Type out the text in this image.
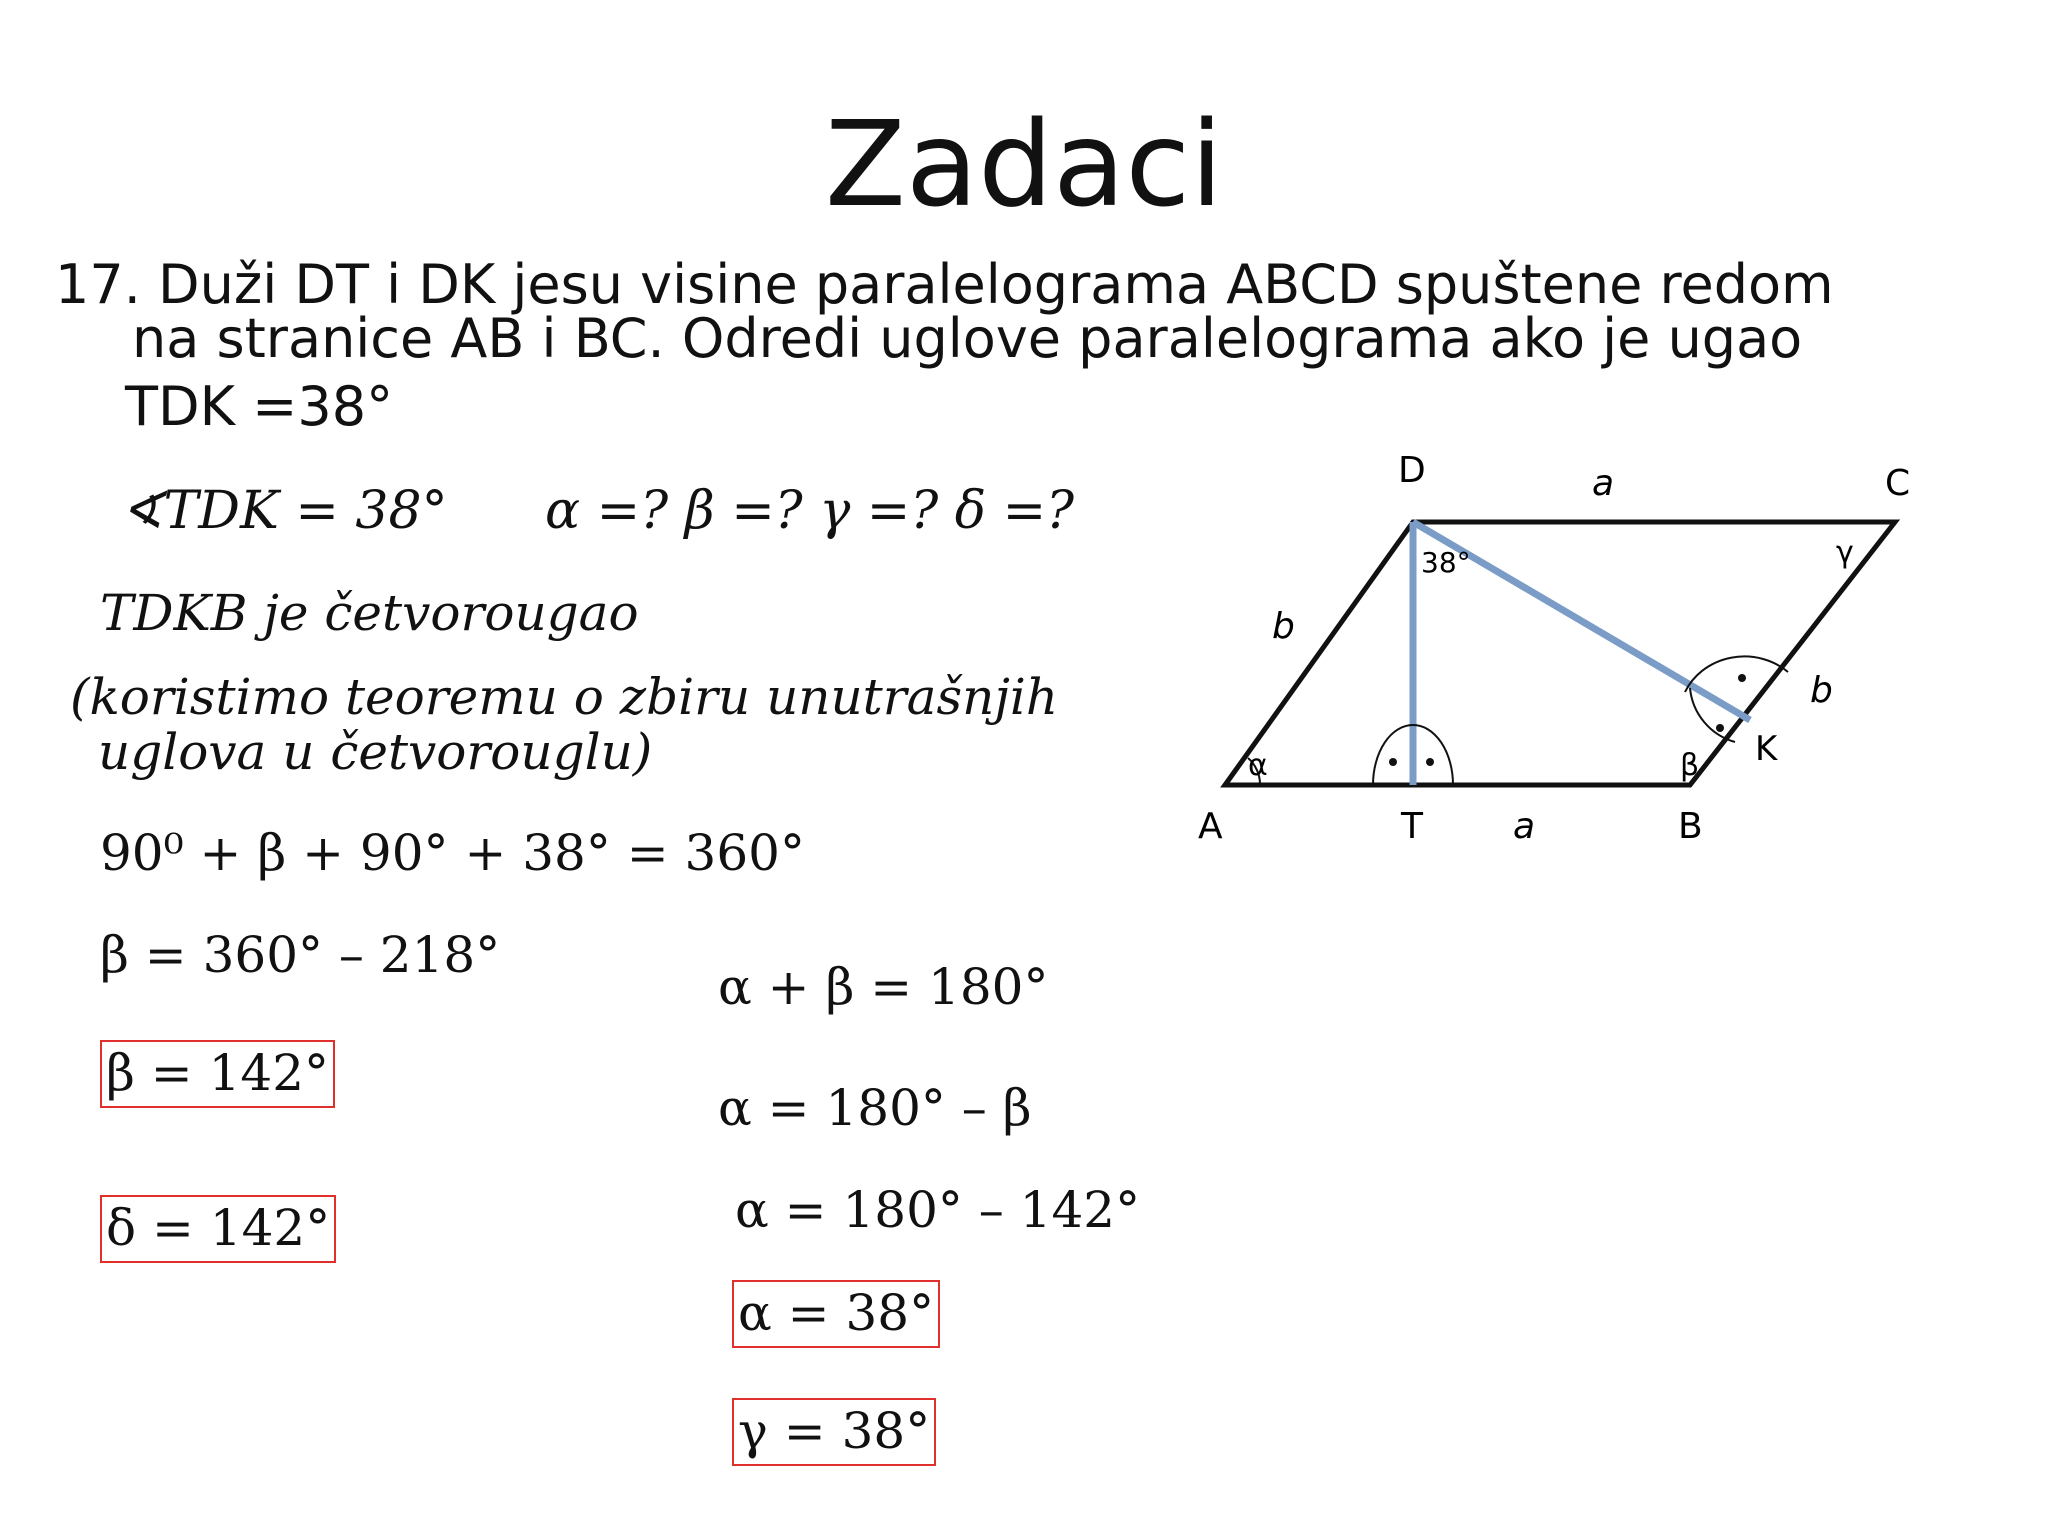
Zadaci
17. Duži DT i DK jesu visine paralelograma ABCD spuštene redom
na stranice AB i BC. Odredi uglove paralelograma ako je ugao
TDK =38°
∢TDK = 38° α =? β =? γ =? δ =?
TDKB je četvorougao
(koristimo teoremu o zbiru unutrašnjih
uglova u četvorouglu)
90⁰ + β + 90° + 38° = 360°
β = 360° – 218°
β = 142°
δ = 142°
α + β = 180°
α = 180° – β
α = 180° – 142°
α = 38°
γ = 38°
D	C
A	T	B
K
a
a
b
b
α	β
γ
38°
